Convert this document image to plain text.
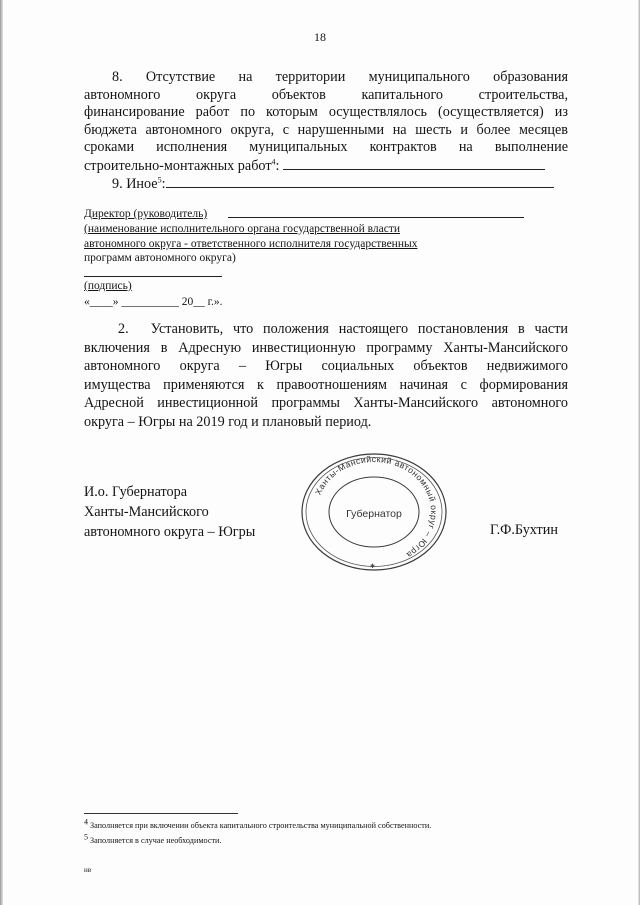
18
8. Отсутствие на территории муниципального образования
автономного округа объектов капитального строительства,
финансирование работ по которым осуществлялось (осуществляется) из
бюджета автономного округа, с нарушенными на шесть и более месяцев
сроками исполнения муниципальных контрактов на выполнение
строительно-монтажных работ$^4$:
9. Иное$^5$:
Директор (руководитель)
(наименование исполнительного органа государственной власти
автономного округа - ответственного исполнителя государственных
программ автономного округа)
(подпись)
«____» __________ 20__ г.».
2. Установить, что положения настоящего постановления в части
включения в Адресную инвестиционную программу Ханты-Мансийского
автономного округа – Югры социальных объектов недвижимого
имущества применяются к правоотношениям начиная с формирования
Адресной инвестиционной программы Ханты-Мансийского автономного
округа – Югры на 2019 год и плановый период.
И.о. Губернатора
Ханты-Мансийского
автономного округа – Югры
Ханты-Мансийский автономный округ – Югра
Губернатор
✱
Г.Ф.Бухтин
$^4$ Заполняется при включении объекта капитального строительства муниципальной собственности.
$^5$ Заполняется в случае необходимости.
нв
